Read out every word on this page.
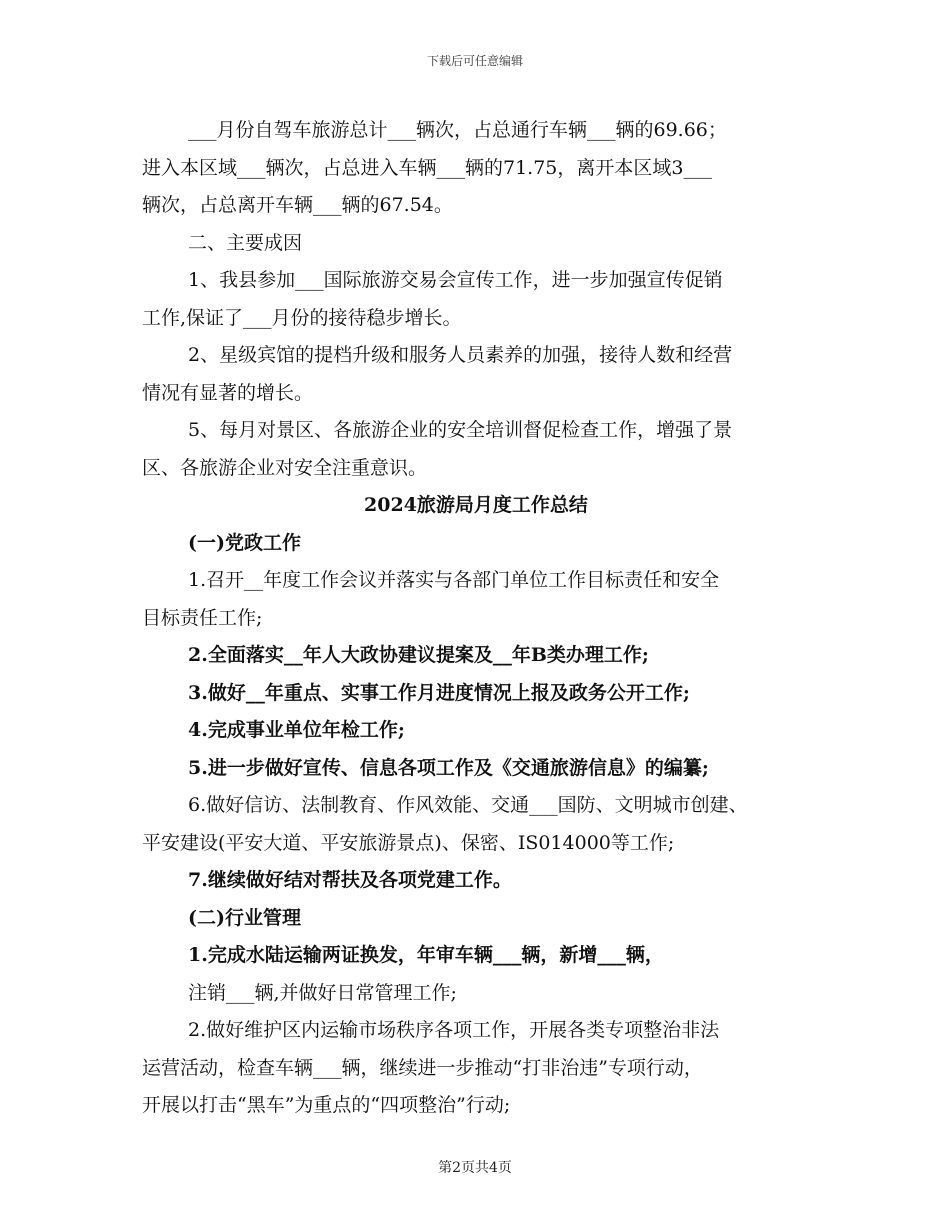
下载后可任意编辑
___月份自驾车旅游总计___辆次，占总通行车辆___辆的69.66；
进入本区域___辆次，占总进入车辆___辆的71.75，离开本区域3___
辆次，占总离开车辆___辆的67.54。
二、主要成因
1、我县参加___国际旅游交易会宣传工作，进一步加强宣传促销
工作,保证了___月份的接待稳步增长。
2、星级宾馆的提档升级和服务人员素养的加强，接待人数和经营
情况有显著的增长。
5、每月对景区、各旅游企业的安全培训督促检查工作，增强了景
区、各旅游企业对安全注重意识。
2024旅游局月度工作总结
(一)党政工作
1.召开__年度工作会议并落实与各部门单位工作目标责任和安全
目标责任工作;
2.全面落实__年人大政协建议提案及__年B类办理工作;
3.做好__年重点、实事工作月进度情况上报及政务公开工作;
4.完成事业单位年检工作;
5.进一步做好宣传、信息各项工作及《交通旅游信息》的编纂;
6.做好信访、法制教育、作风效能、交通___国防、文明城市创建、
平安建设(平安大道、平安旅游景点)、保密、IS014000等工作;
7.继续做好结对帮扶及各项党建工作。
(二)行业管理
1.完成水陆运输两证换发，年审车辆___辆，新增___辆，
注销___辆,并做好日常管理工作;
2.做好维护区内运输市场秩序各项工作，开展各类专项整治非法
运营活动，检查车辆___辆，继续进一步推动“打非治违”专项行动，
开展以打击“黑车”为重点的“四项整治”行动;
第2页共4页
